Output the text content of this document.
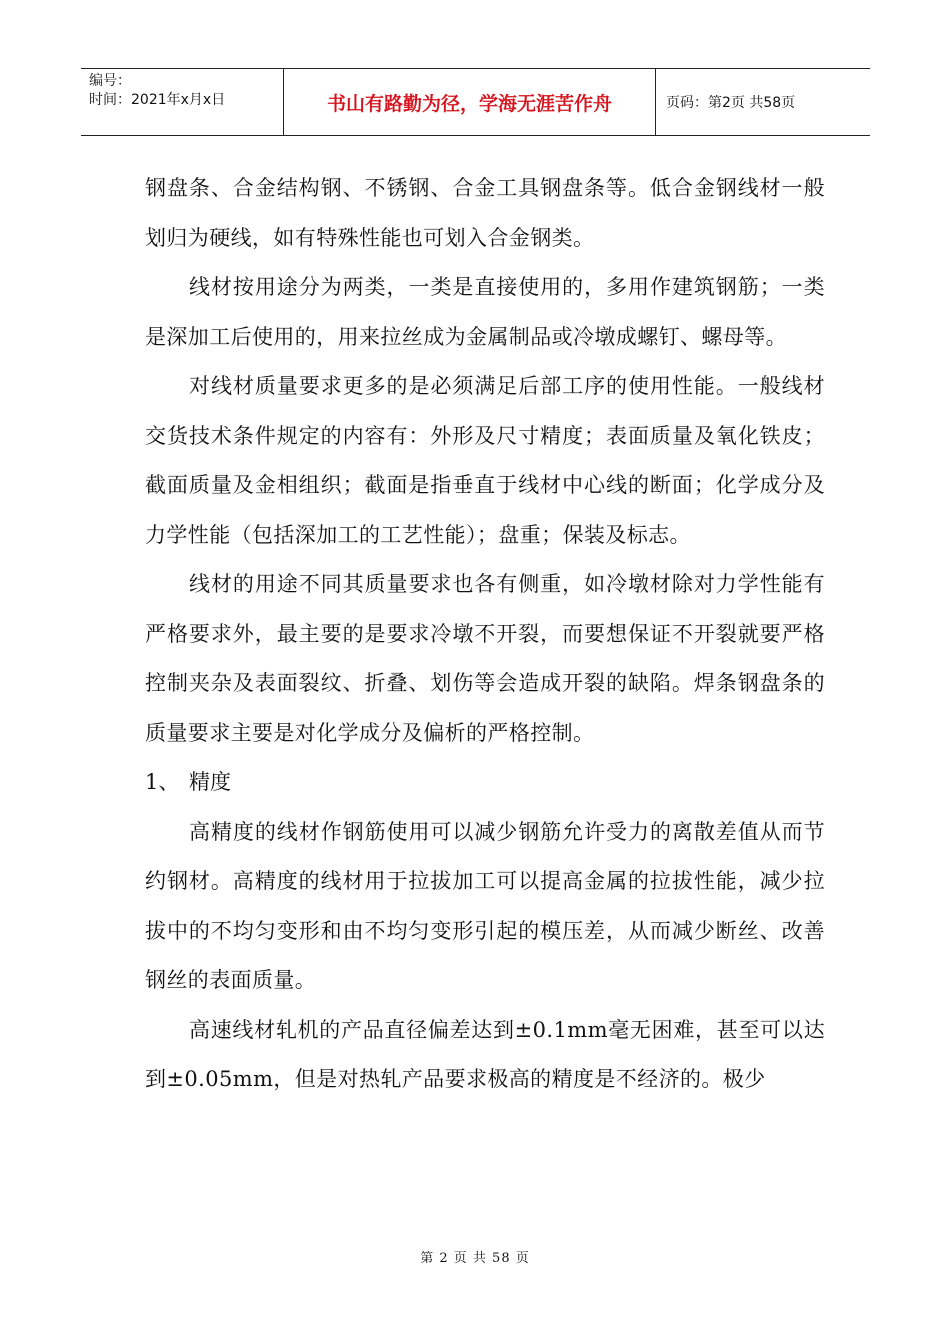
编号：
时间：2021年x月x日	书山有路勤为径，学海无涯苦作舟	页码：第2页 共58页

钢盘条、合金结构钢、不锈钢、合金工具钢盘条等。低合金钢线材一般划归为硬线，如有特殊性能也可划入合金钢类。

线材按用途分为两类，一类是直接使用的，多用作建筑钢筋；一类是深加工后使用的，用来拉丝成为金属制品或冷墩成螺钉、螺母等。

对线材质量要求更多的是必须满足后部工序的使用性能。一般线材交货技术条件规定的内容有：外形及尺寸精度；表面质量及氧化铁皮；截面质量及金相组织；截面是指垂直于线材中心线的断面；化学成分及力学性能（包括深加工的工艺性能）；盘重；保装及标志。

线材的用途不同其质量要求也各有侧重，如冷墩材除对力学性能有严格要求外，最主要的是要求冷墩不开裂，而要想保证不开裂就要严格控制夹杂及表面裂纹、折叠、划伤等会造成开裂的缺陷。焊条钢盘条的质量要求主要是对化学成分及偏析的严格控制。

1、 精度

高精度的线材作钢筋使用可以减少钢筋允许受力的离散差值从而节约钢材。高精度的线材用于拉拔加工可以提高金属的拉拔性能，减少拉拔中的不均匀变形和由不均匀变形引起的模压差，从而减少断丝、改善钢丝的表面质量。

高速线材轧机的产品直径偏差达到±0.1mm毫无困难，甚至可以达到±0.05mm，但是对热轧产品要求极高的精度是不经济的。极少

第 2 页 共 58 页
